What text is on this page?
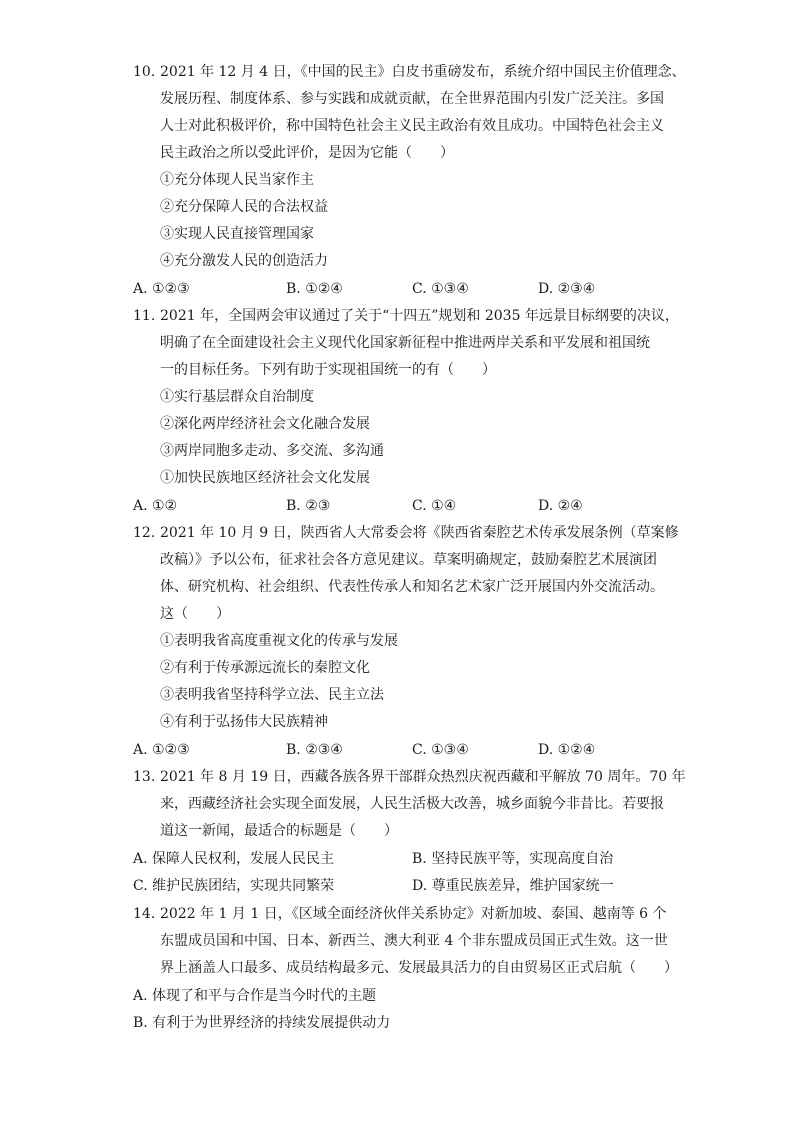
10. 2021 年 12 月 4 日，《中国的民主》白皮书重磅发布，系统介绍中国民主价值理念、
发展历程、制度体系、参与实践和成就贡献，在全世界范围内引发广泛关注。多国
人士对此积极评价，称中国特色社会主义民主政治有效且成功。中国特色社会主义
民主政治之所以受此评价，是因为它能（　　）
①充分体现人民当家作主
②充分保障人民的合法权益
③实现人民直接管理国家
④充分激发人民的创造活力
A. ①②③	B. ①②④	C. ①③④	D. ②③④
11. 2021 年，全国两会审议通过了关于“十四五”规划和 2035 年远景目标纲要的决议，
明确了在全面建设社会主义现代化国家新征程中推进两岸关系和平发展和祖国统
一的目标任务。下列有助于实现祖国统一的有（　　）
①实行基层群众自治制度
②深化两岸经济社会文化融合发展
③两岸同胞多走动、多交流、多沟通
①加快民族地区经济社会文化发展
A. ①②	B. ②③	C. ①④	D. ②④
12. 2021 年 10 月 9 日，陕西省人大常委会将《陕西省秦腔艺术传承发展条例（草案修
改稿）》予以公布，征求社会各方意见建议。草案明确规定，鼓励秦腔艺术展演团
体、研究机构、社会组织、代表性传承人和知名艺术家广泛开展国内外交流活动。
这（　　）
①表明我省高度重视文化的传承与发展
②有利于传承源远流长的秦腔文化
③表明我省坚持科学立法、民主立法
④有利于弘扬伟大民族精神
A. ①②③	B. ②③④	C. ①③④	D. ①②④
13. 2021 年 8 月 19 日，西藏各族各界干部群众热烈庆祝西藏和平解放 70 周年。70 年
来，西藏经济社会实现全面发展，人民生活极大改善，城乡面貌今非昔比。若要报
道这一新闻，最适合的标题是（　　）
A. 保障人民权利，发展人民民主	B. 坚持民族平等，实现高度自治
C. 维护民族团结，实现共同繁荣	D. 尊重民族差异，维护国家统一
14. 2022 年 1 月 1 日，《区域全面经济伙伴关系协定》对新加坡、泰国、越南等 6 个
东盟成员国和中国、日本、新西兰、澳大利亚 4 个非东盟成员国正式生效。这一世
界上涵盖人口最多、成员结构最多元、发展最具活力的自由贸易区正式启航（　　）
A. 体现了和平与合作是当今时代的主题
B. 有利于为世界经济的持续发展提供动力
